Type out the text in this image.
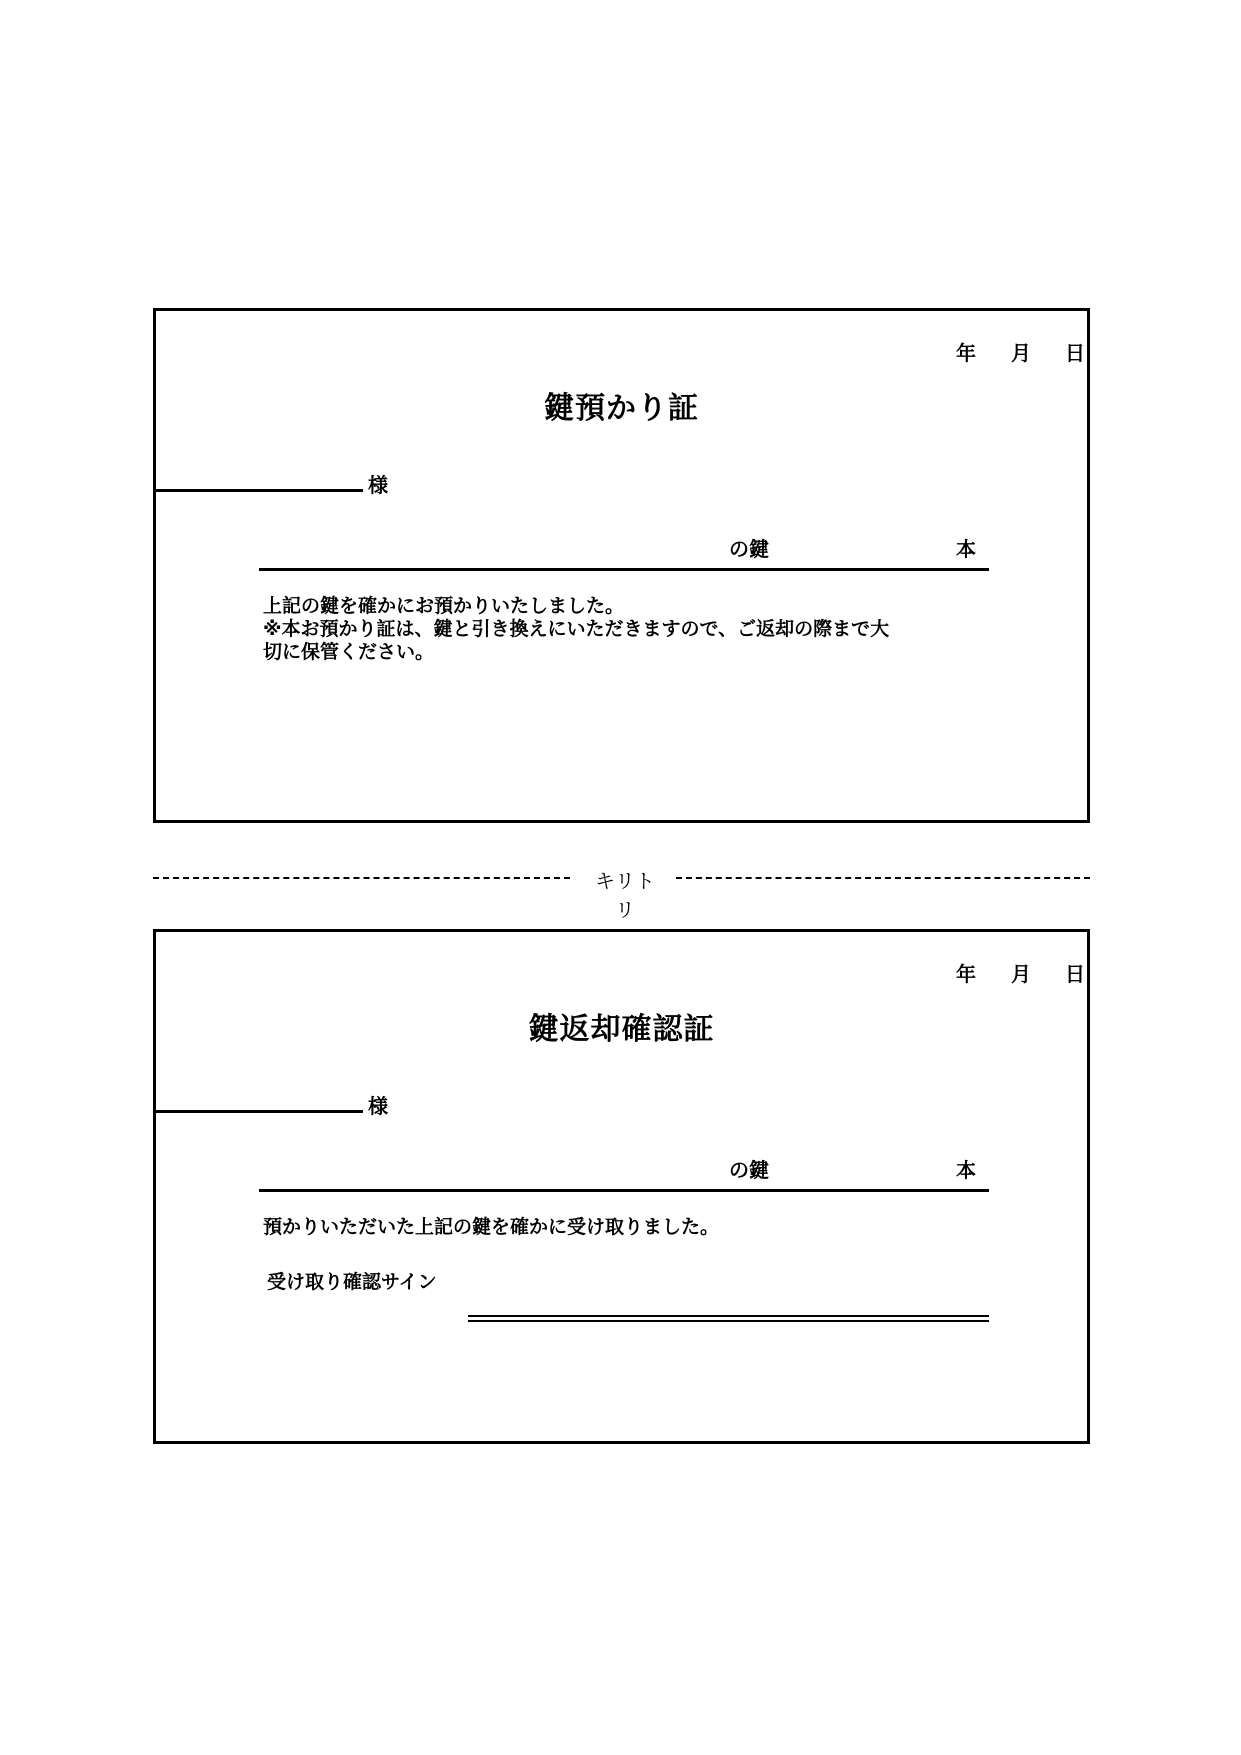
年 月 日
鍵預かり証
様
の鍵	本

上記の鍵を確かにお預かりいたしました。

※本お預かり証は、鍵と引き換えにいただきますので、ご返却の際まで大

切に保管ください。

キリトリ
年 月 日
鍵返却確認証
様
の鍵	本

預かりいただいた上記の鍵を確かに受け取りました。

受け取り確認サイン
